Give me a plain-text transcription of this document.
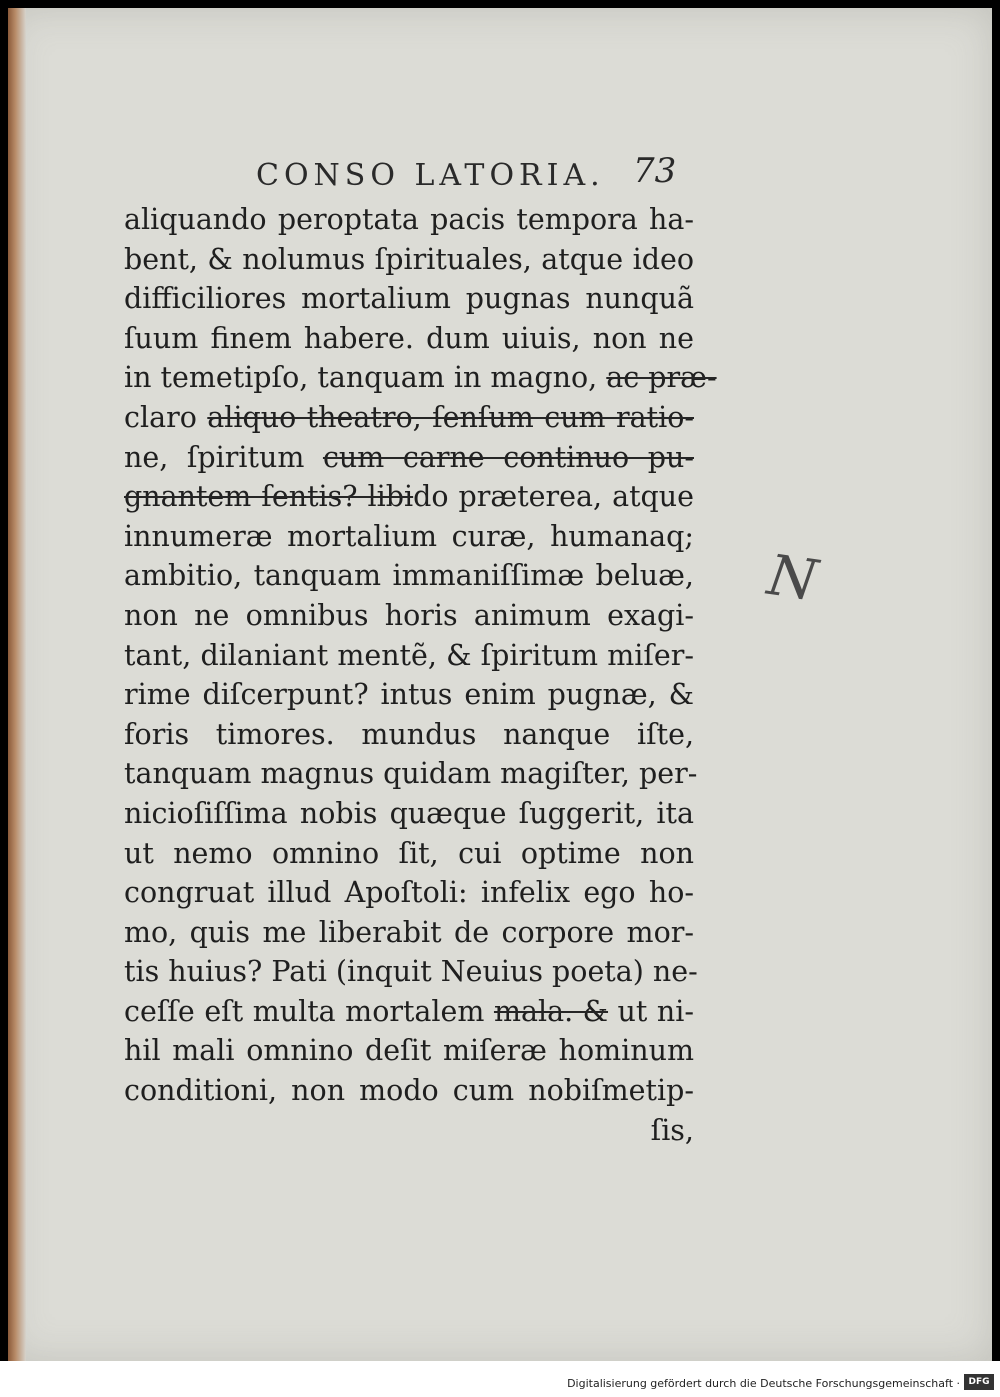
CONSO LATORIA. 73
aliquando peroptata pacis tempora ha-
bent, & nolumus ſpirituales, atque ideo
difficiliores mortalium pugnas nunquã
ſuum finem habere. dum uiuis, non ne
in temetipſo, tanquam in magno, ac præ-
claro aliquo theatro, ſenſum cum ratio-
ne, ſpiritum cum carne continuo pu-
gnantem ſentis? libido præterea, atque
innumeræ mortalium curæ, humanaq;
ambitio, tanquam immaniſſimæ beluæ,
non ne omnibus horis animum exagi-
tant, dilaniant mentẽ, & ſpiritum miſer-
rime diſcerpunt? intus enim pugnæ, &
foris timores. mundus nanque iſte,
tanquam magnus quidam magiſter, per-
nicioſiſſima nobis quæque ſuggerit, ita
ut nemo omnino ſit, cui optime non
congruat illud Apoſtoli: infelix ego ho-
mo, quis me liberabit de corpore mor-
tis huius? Pati (inquit Neuius poeta) ne-
ceſſe eſt multa mortalem mala. & ut ni-
hil mali omnino deſit miſeræ hominum
conditioni, non modo cum nobiſmetip-
ſis,
N
Digitalisierung gefördert durch die Deutsche Forschungsgemeinschaft · DFG
